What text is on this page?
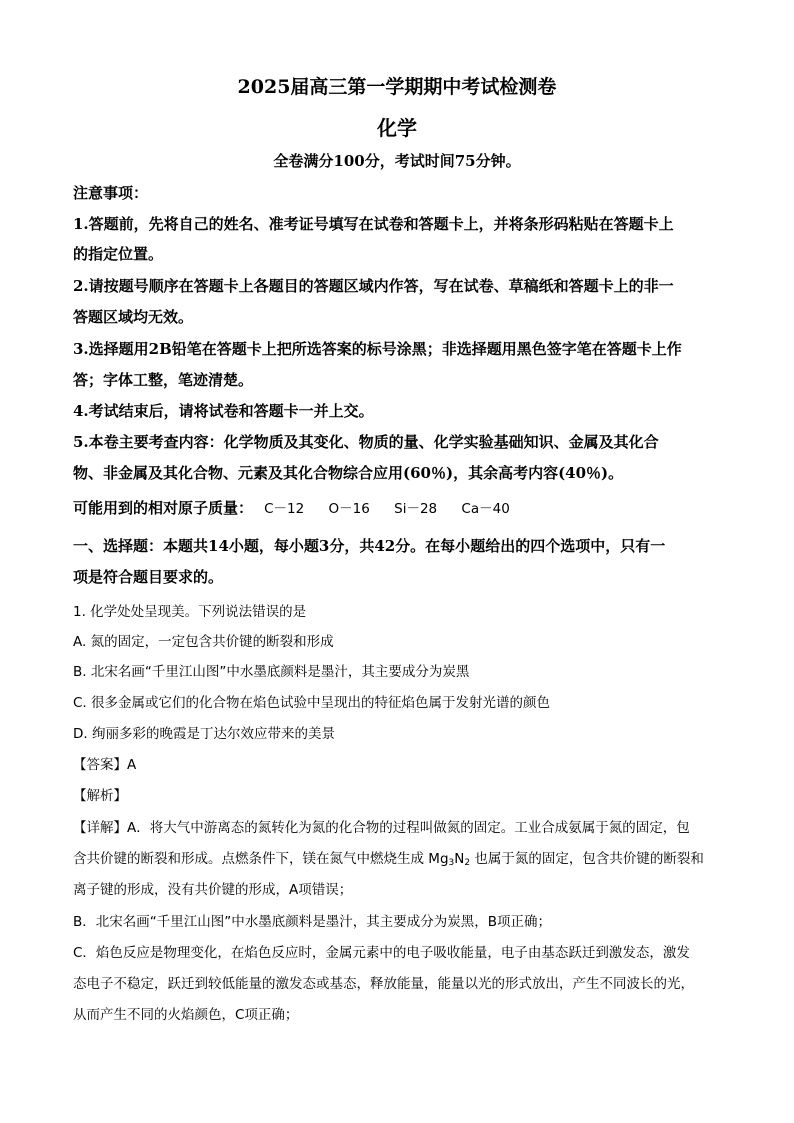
2025届高三第一学期期中考试检测卷
化学
全卷满分100分，考试时间75分钟。
注意事项：
1.答题前，先将自己的姓名、准考证号填写在试卷和答题卡上，并将条形码粘贴在答题卡上
的指定位置。
2.请按题号顺序在答题卡上各题目的答题区域内作答，写在试卷、草稿纸和答题卡上的非一
答题区域均无效。
3.选择题用2B铅笔在答题卡上把所选答案的标号涂黑；非选择题用黑色签字笔在答题卡上作
答；字体工整，笔迹清楚。
4.考试结束后，请将试卷和答题卡一并上交。
5.本卷主要考查内容：化学物质及其变化、物质的量、化学实验基础知识、金属及其化合
物、非金属及其化合物、元素及其化合物综合应用(60％)，其余高考内容(40％)。
可能用到的相对原子质量： C－12 O－16 Si－28 Ca－40
一、选择题：本题共14小题，每小题3分，共42分。在每小题给出的四个选项中，只有一
项是符合题目要求的。
1. 化学处处呈现美。下列说法错误的是
A. 氮的固定，一定包含共价键的断裂和形成
B. 北宋名画“千里江山图”中水墨底颜料是墨汁，其主要成分为炭黑
C. 很多金属或它们的化合物在焰色试验中呈现出的特征焰色属于发射光谱的颜色
D. 绚丽多彩的晚霞是丁达尔效应带来的美景
【答案】A
【解析】
【详解】A．将大气中游离态的氮转化为氮的化合物的过程叫做氮的固定。工业合成氨属于氮的固定，包
含共价键的断裂和形成。点燃条件下，镁在氮气中燃烧生成 $Mg_3N_2$ 也属于氮的固定，包含共价键的断裂和
离子键的形成，没有共价键的形成，A项错误；
B．北宋名画“千里江山图”中水墨底颜料是墨汁，其主要成分为炭黑，B项正确；
C．焰色反应是物理变化，在焰色反应时，金属元素中的电子吸收能量，电子由基态跃迁到激发态，激发
态电子不稳定，跃迁到较低能量的激发态或基态，释放能量，能量以光的形式放出，产生不同波长的光，
从而产生不同的火焰颜色，C项正确；
